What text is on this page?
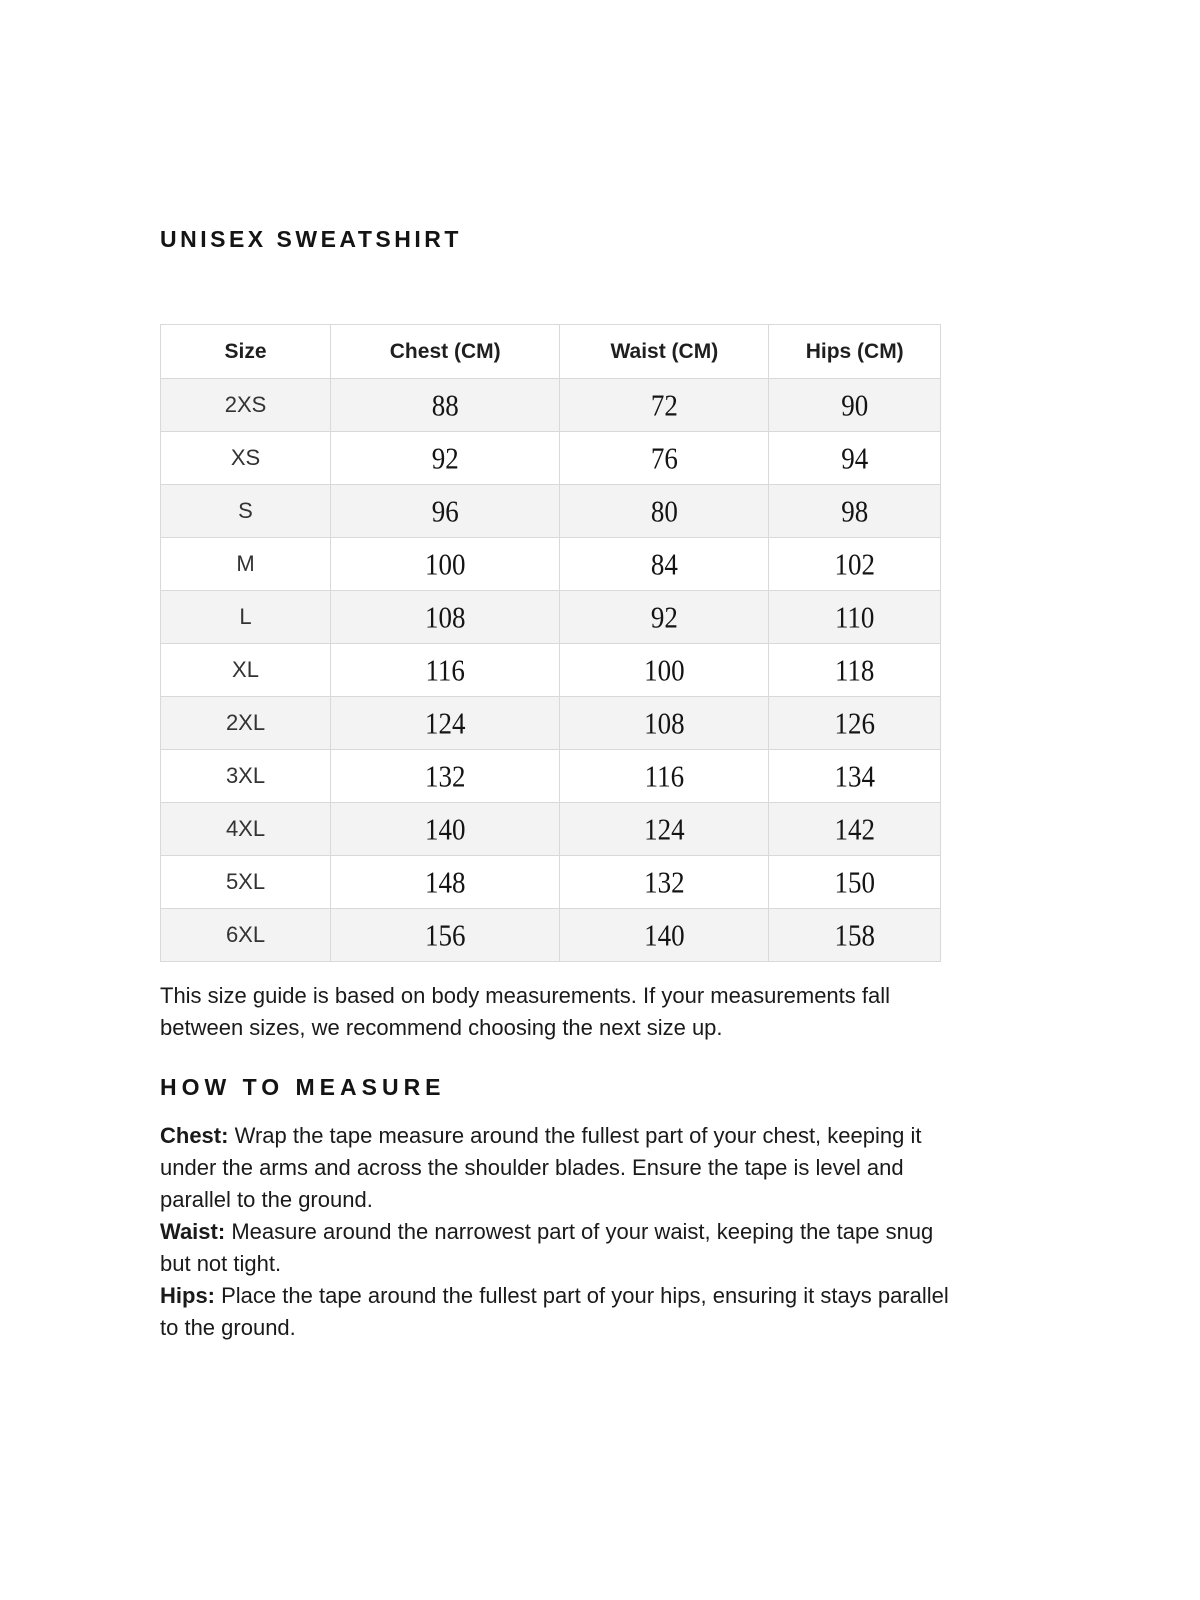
UNISEX SWEATSHIRT
Size	Chest (CM)	Waist (CM)	Hips (CM)
2XS	88	72	90
XS	92	76	94
S	96	80	98
M	100	84	102
L	108	92	110
XL	116	100	118
2XL	124	108	126
3XL	132	116	134
4XL	140	124	142
5XL	148	132	150
6XL	156	140	158

This size guide is based on body measurements. If your measurements fall
between sizes, we recommend choosing the next size up.

HOW TO MEASURE

Chest: Wrap the tape measure around the fullest part of your chest, keeping it
under the arms and across the shoulder blades. Ensure the tape is level and
parallel to the ground.

Waist: Measure around the narrowest part of your waist, keeping the tape snug
but not tight.

Hips: Place the tape around the fullest part of your hips, ensuring it stays parallel
to the ground.
